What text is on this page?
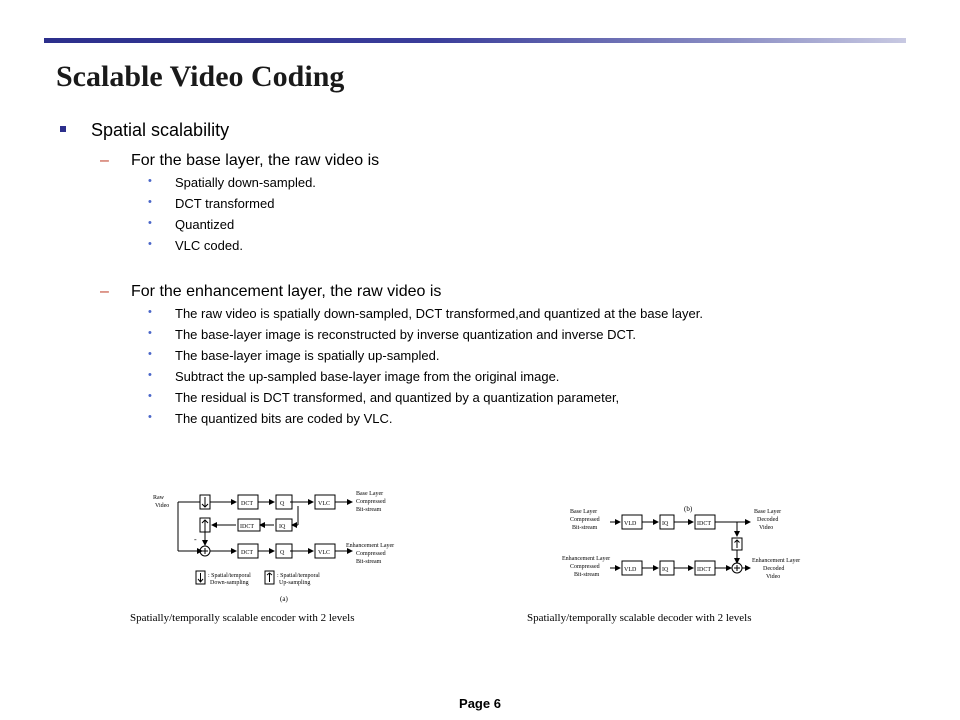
Scalable Video Coding
Spatial scalability
– For the base layer, the raw video is
• Spatially down-sampled.
• DCT transformed
• Quantized
• VLC coded.
– For the enhancement layer, the raw video is
• The raw video is spatially down-sampled, DCT transformed,and quantized at the base layer.
• The base-layer image is reconstructed by inverse quantization and inverse DCT.
• The base-layer image is spatially up-sampled.
• Subtract the up-sampled base-layer image from the original image.
• The residual is DCT transformed, and quantized by a quantization parameter,
• The quantized bits are coded by VLC.
Raw
Video	DCT	Q	VLC
IDCT	IQ
DCT	Q	VLC
-
Base Layer
Compressed
Bit-stream
Enhancement Layer
Compressed
Bit-stream
: Spatial/temporal
Down-sampling
: Spatial/temporal
Up-sampling
(a)
Base Layer
Compressed
Bit-stream
VLD	IQ	IDCT
Base Layer
Decoded
Video
Enhancement Layer
Compressed
Bit-stream
VLD	IQ	IDCT
Enhancement Layer
Decoded
Video
(b)
Spatially/temporally scalable encoder with 2 levels	Spatially/temporally scalable decoder with 2 levels
Page 6
